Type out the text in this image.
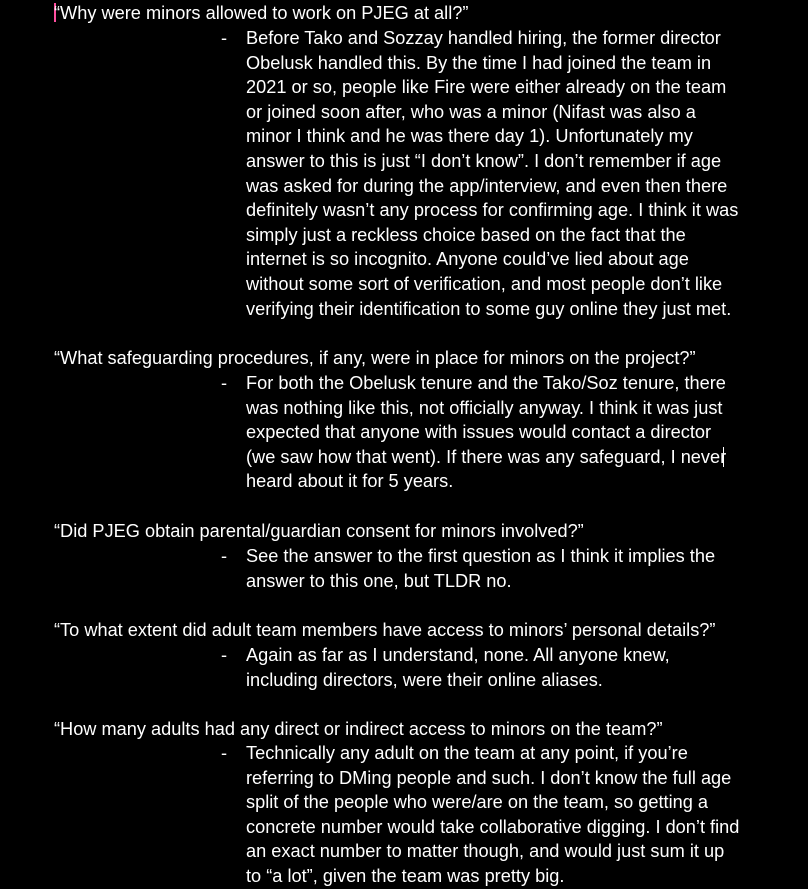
“Why were minors allowed to work on PJEG at all?”

- Before Tako and Sozzay handled hiring, the former director
Obelusk handled this. By the time I had joined the team in
2021 or so, people like Fire were either already on the team
or joined soon after, who was a minor (Nifast was also a
minor I think and he was there day 1). Unfortunately my
answer to this is just “I don’t know”. I don’t remember if age
was asked for during the app/interview, and even then there
definitely wasn’t any process for confirming age. I think it was
simply just a reckless choice based on the fact that the
internet is so incognito. Anyone could’ve lied about age
without some sort of verification, and most people don’t like
verifying their identification to some guy online they just met.

“What safeguarding procedures, if any, were in place for minors on the project?”

- For both the Obelusk tenure and the Tako/Soz tenure, there
was nothing like this, not officially anyway. I think it was just
expected that anyone with issues would contact a director
(we saw how that went). If there was any safeguard, I never
heard about it for 5 years.

“Did PJEG obtain parental/guardian consent for minors involved?”

- See the answer to the first question as I think it implies the
answer to this one, but TLDR no.

“To what extent did adult team members have access to minors’ personal details?”

- Again as far as I understand, none. All anyone knew,
including directors, were their online aliases.

“How many adults had any direct or indirect access to minors on the team?”

- Technically any adult on the team at any point, if you’re
referring to DMing people and such. I don’t know the full age
split of the people who were/are on the team, so getting a
concrete number would take collaborative digging. I don’t find
an exact number to matter though, and would just sum it up
to “a lot”, given the team was pretty big.
